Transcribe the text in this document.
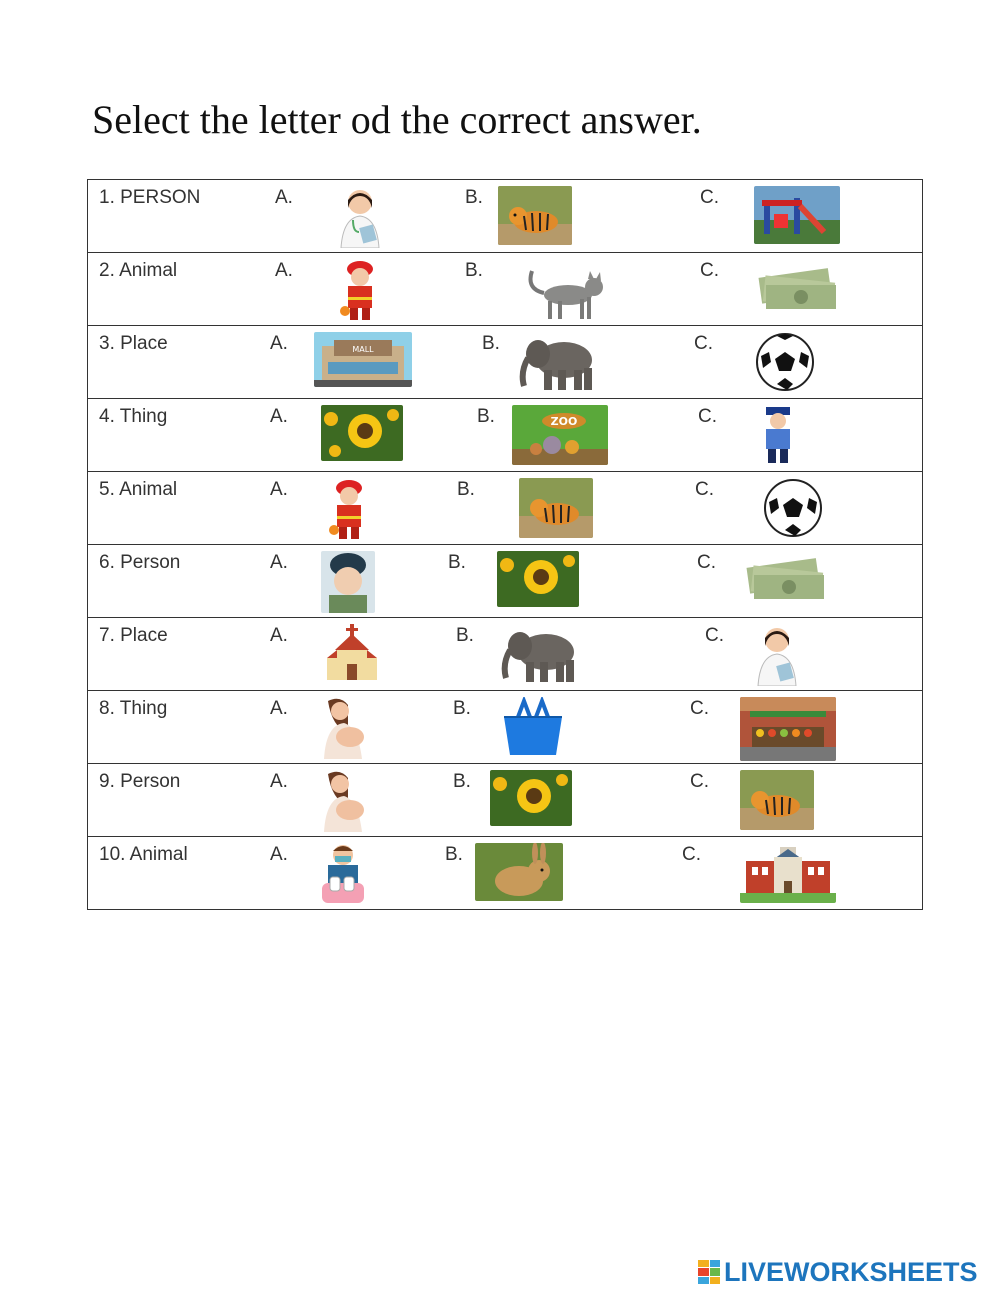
Select the letter od the correct answer.
1. PERSON	A.	B.	C.

2. Animal	A.	B.	C.

3. Place	A.	MALL	B.	C.

4. Thing	A.	B.	ZOO	C.

5. Animal	A.	B.	C.

6. Person	A.	B.	C.

7. Place	A.	B.	C.

8. Thing	A.	B.	C.

9. Person	A.	B.	C.

10. Animal	A.	B.	C.
LIVEWORKSHEETS
